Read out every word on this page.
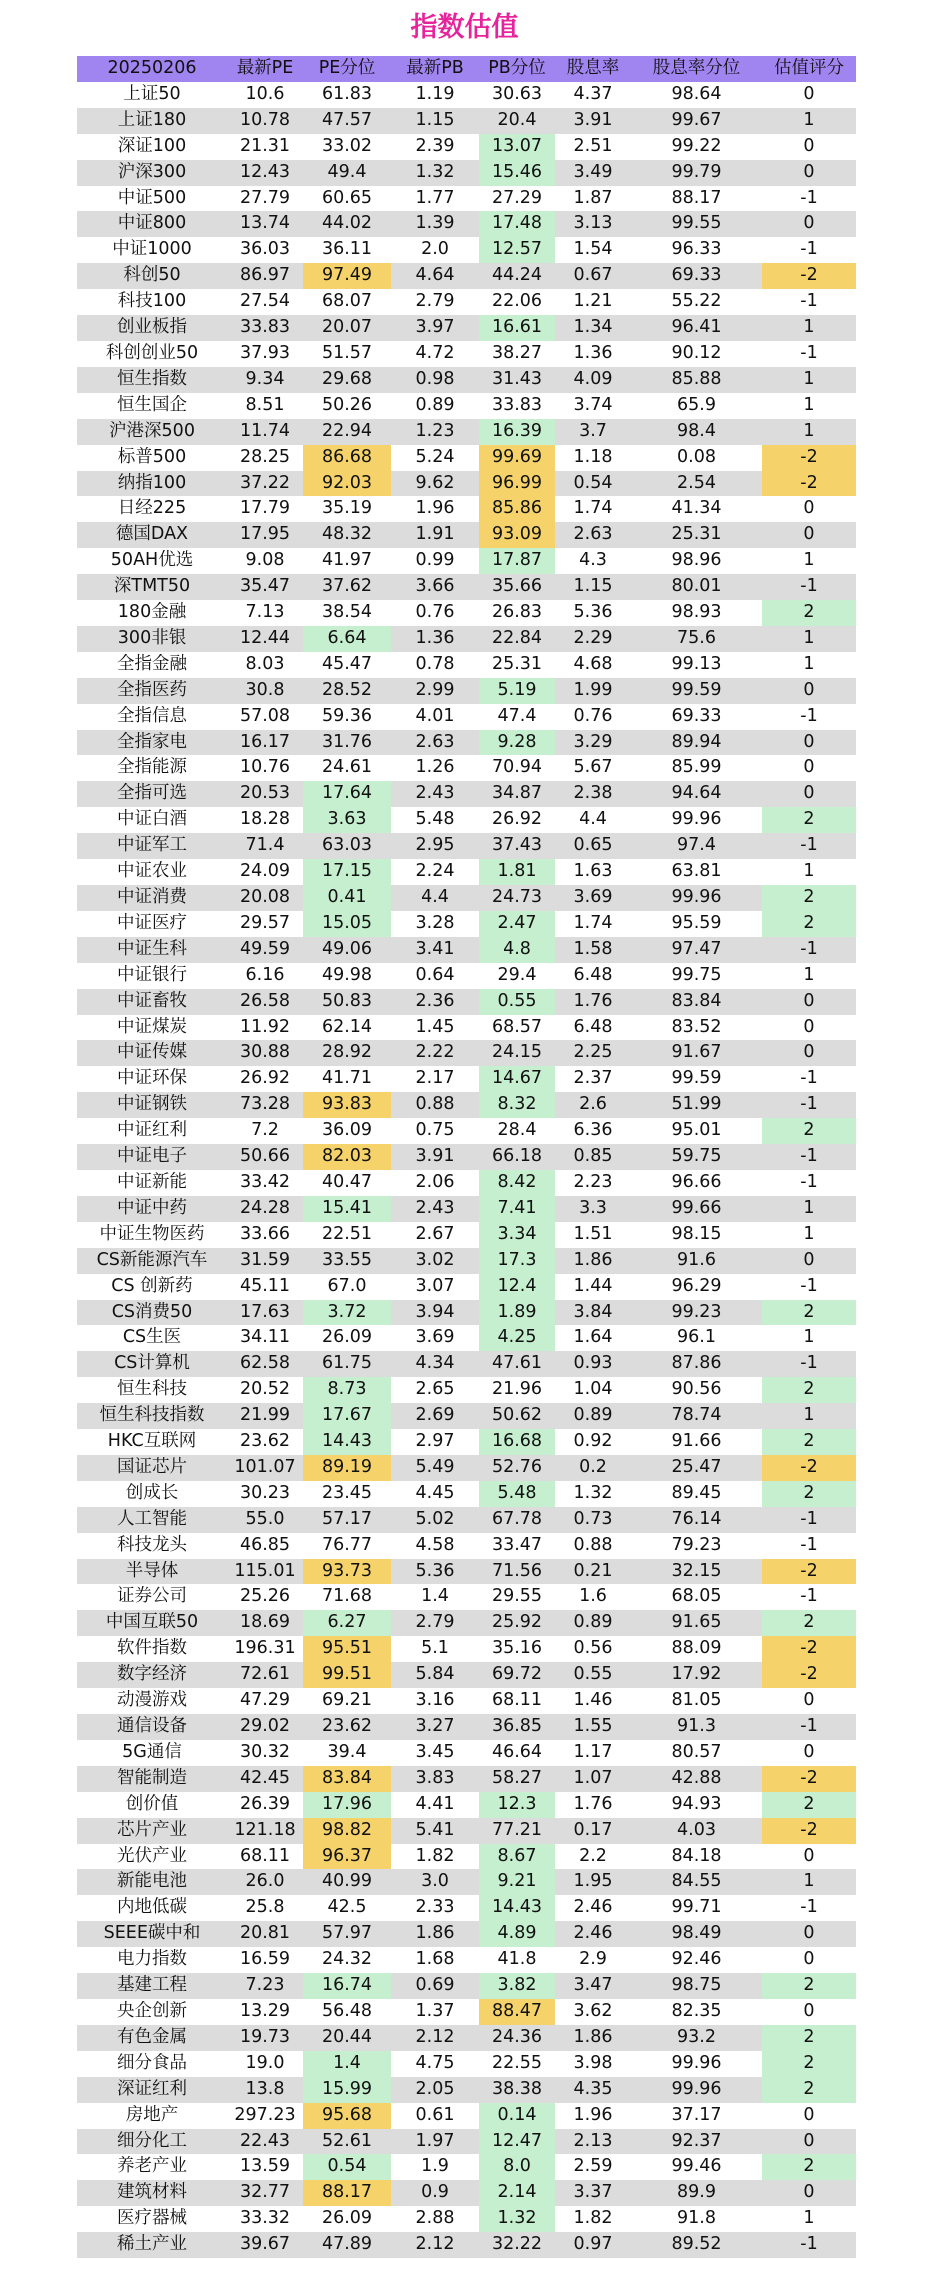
指数估值
20250206	最新PE	PE分位	最新PB	PB分位	股息率	股息率分位	估值评分
上证50	10.6	61.83	1.19	30.63	4.37	98.64	0
上证180	10.78	47.57	1.15	20.4	3.91	99.67	1
深证100	21.31	33.02	2.39	13.07	2.51	99.22	0
沪深300	12.43	49.4	1.32	15.46	3.49	99.79	0
中证500	27.79	60.65	1.77	27.29	1.87	88.17	-1
中证800	13.74	44.02	1.39	17.48	3.13	99.55	0
中证1000	36.03	36.11	2.0	12.57	1.54	96.33	-1
科创50	86.97	97.49	4.64	44.24	0.67	69.33	-2
科技100	27.54	68.07	2.79	22.06	1.21	55.22	-1
创业板指	33.83	20.07	3.97	16.61	1.34	96.41	1
科创创业50	37.93	51.57	4.72	38.27	1.36	90.12	-1
恒生指数	9.34	29.68	0.98	31.43	4.09	85.88	1
恒生国企	8.51	50.26	0.89	33.83	3.74	65.9	1
沪港深500	11.74	22.94	1.23	16.39	3.7	98.4	1
标普500	28.25	86.68	5.24	99.69	1.18	0.08	-2
纳指100	37.22	92.03	9.62	96.99	0.54	2.54	-2
日经225	17.79	35.19	1.96	85.86	1.74	41.34	0
德国DAX	17.95	48.32	1.91	93.09	2.63	25.31	0
50AH优选	9.08	41.97	0.99	17.87	4.3	98.96	1
深TMT50	35.47	37.62	3.66	35.66	1.15	80.01	-1
180金融	7.13	38.54	0.76	26.83	5.36	98.93	2
300非银	12.44	6.64	1.36	22.84	2.29	75.6	1
全指金融	8.03	45.47	0.78	25.31	4.68	99.13	1
全指医药	30.8	28.52	2.99	5.19	1.99	99.59	0
全指信息	57.08	59.36	4.01	47.4	0.76	69.33	-1
全指家电	16.17	31.76	2.63	9.28	3.29	89.94	0
全指能源	10.76	24.61	1.26	70.94	5.67	85.99	0
全指可选	20.53	17.64	2.43	34.87	2.38	94.64	0
中证白酒	18.28	3.63	5.48	26.92	4.4	99.96	2
中证军工	71.4	63.03	2.95	37.43	0.65	97.4	-1
中证农业	24.09	17.15	2.24	1.81	1.63	63.81	1
中证消费	20.08	0.41	4.4	24.73	3.69	99.96	2
中证医疗	29.57	15.05	3.28	2.47	1.74	95.59	2
中证生科	49.59	49.06	3.41	4.8	1.58	97.47	-1
中证银行	6.16	49.98	0.64	29.4	6.48	99.75	1
中证畜牧	26.58	50.83	2.36	0.55	1.76	83.84	0
中证煤炭	11.92	62.14	1.45	68.57	6.48	83.52	0
中证传媒	30.88	28.92	2.22	24.15	2.25	91.67	0
中证环保	26.92	41.71	2.17	14.67	2.37	99.59	-1
中证钢铁	73.28	93.83	0.88	8.32	2.6	51.99	-1
中证红利	7.2	36.09	0.75	28.4	6.36	95.01	2
中证电子	50.66	82.03	3.91	66.18	0.85	59.75	-1
中证新能	33.42	40.47	2.06	8.42	2.23	96.66	-1
中证中药	24.28	15.41	2.43	7.41	3.3	99.66	1
中证生物医药	33.66	22.51	2.67	3.34	1.51	98.15	1
CS新能源汽车	31.59	33.55	3.02	17.3	1.86	91.6	0
CS 创新药	45.11	67.0	3.07	12.4	1.44	96.29	-1
CS消费50	17.63	3.72	3.94	1.89	3.84	99.23	2
CS生医	34.11	26.09	3.69	4.25	1.64	96.1	1
CS计算机	62.58	61.75	4.34	47.61	0.93	87.86	-1
恒生科技	20.52	8.73	2.65	21.96	1.04	90.56	2
恒生科技指数	21.99	17.67	2.69	50.62	0.89	78.74	1
HKC互联网	23.62	14.43	2.97	16.68	0.92	91.66	2
国证芯片	101.07	89.19	5.49	52.76	0.2	25.47	-2
创成长	30.23	23.45	4.45	5.48	1.32	89.45	2
人工智能	55.0	57.17	5.02	67.78	0.73	76.14	-1
科技龙头	46.85	76.77	4.58	33.47	0.88	79.23	-1
半导体	115.01	93.73	5.36	71.56	0.21	32.15	-2
证券公司	25.26	71.68	1.4	29.55	1.6	68.05	-1
中国互联50	18.69	6.27	2.79	25.92	0.89	91.65	2
软件指数	196.31	95.51	5.1	35.16	0.56	88.09	-2
数字经济	72.61	99.51	5.84	69.72	0.55	17.92	-2
动漫游戏	47.29	69.21	3.16	68.11	1.46	81.05	0
通信设备	29.02	23.62	3.27	36.85	1.55	91.3	-1
5G通信	30.32	39.4	3.45	46.64	1.17	80.57	0
智能制造	42.45	83.84	3.83	58.27	1.07	42.88	-2
创价值	26.39	17.96	4.41	12.3	1.76	94.93	2
芯片产业	121.18	98.82	5.41	77.21	0.17	4.03	-2
光伏产业	68.11	96.37	1.82	8.67	2.2	84.18	0
新能电池	26.0	40.99	3.0	9.21	1.95	84.55	1
内地低碳	25.8	42.5	2.33	14.43	2.46	99.71	-1
SEEE碳中和	20.81	57.97	1.86	4.89	2.46	98.49	0
电力指数	16.59	24.32	1.68	41.8	2.9	92.46	0
基建工程	7.23	16.74	0.69	3.82	3.47	98.75	2
央企创新	13.29	56.48	1.37	88.47	3.62	82.35	0
有色金属	19.73	20.44	2.12	24.36	1.86	93.2	2
细分食品	19.0	1.4	4.75	22.55	3.98	99.96	2
深证红利	13.8	15.99	2.05	38.38	4.35	99.96	2
房地产	297.23	95.68	0.61	0.14	1.96	37.17	0
细分化工	22.43	52.61	1.97	12.47	2.13	92.37	0
养老产业	13.59	0.54	1.9	8.0	2.59	99.46	2
建筑材料	32.77	88.17	0.9	2.14	3.37	89.9	0
医疗器械	33.32	26.09	2.88	1.32	1.82	91.8	1
稀土产业	39.67	47.89	2.12	32.22	0.97	89.52	-1
